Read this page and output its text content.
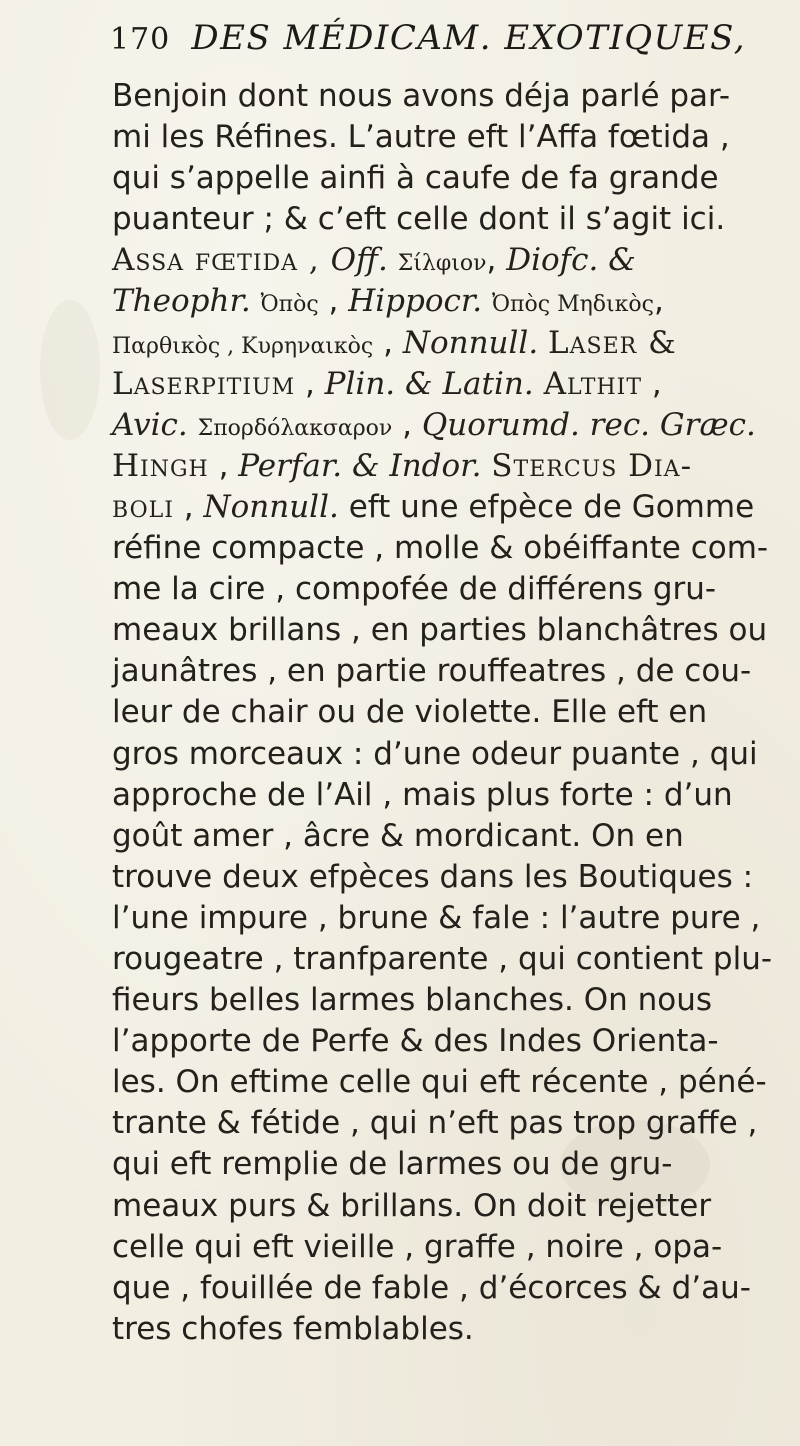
170 DES MÉDICAM. EXOTIQUES,
Benjoin dont nous avons déja parlé par-
mi les Réfines. L’autre eft l’Affa fœtida ,
qui s’appelle ainfi à caufe de fa grande
puanteur ; & c’eft celle dont il s’agit ici.
Assa fœtida , Off. Σίλφιον, Diofc. &
Theophr. Ὀπὸς , Hippocr. Ὀπὸς Μηδικὸς,
Παρθικὸς , Κυρηναικὸς , Nonnull. Laser &
Laserpitium , Plin. & Latin. Althit ,
Avic. Σπορδόλακσαρον , Quorumd. rec. Græc.
Hingh , Perfar. & Indor. Stercus Dia-
boli , Nonnull. eft une efpèce de Gomme
réfine compacte , molle & obéiffante com-
me la cire , compofée de différens gru-
meaux brillans , en parties blanchâtres ou
jaunâtres , en partie rouffeatres , de cou-
leur de chair ou de violette. Elle eft en
gros morceaux : d’une odeur puante , qui
approche de l’Ail , mais plus forte : d’un
goût amer , âcre & mordicant. On en
trouve deux efpèces dans les Boutiques :
l’une impure , brune & fale : l’autre pure ,
rougeatre , tranfparente , qui contient plu-
fieurs belles larmes blanches. On nous
l’apporte de Perfe & des Indes Orienta-
les. On eftime celle qui eft récente , péné-
trante & fétide , qui n’eft pas trop graffe ,
qui eft remplie de larmes ou de gru-
meaux purs & brillans. On doit rejetter
celle qui eft vieille , graffe , noire , opa-
que , fouillée de fable , d’écorces & d’au-
tres chofes femblables.
